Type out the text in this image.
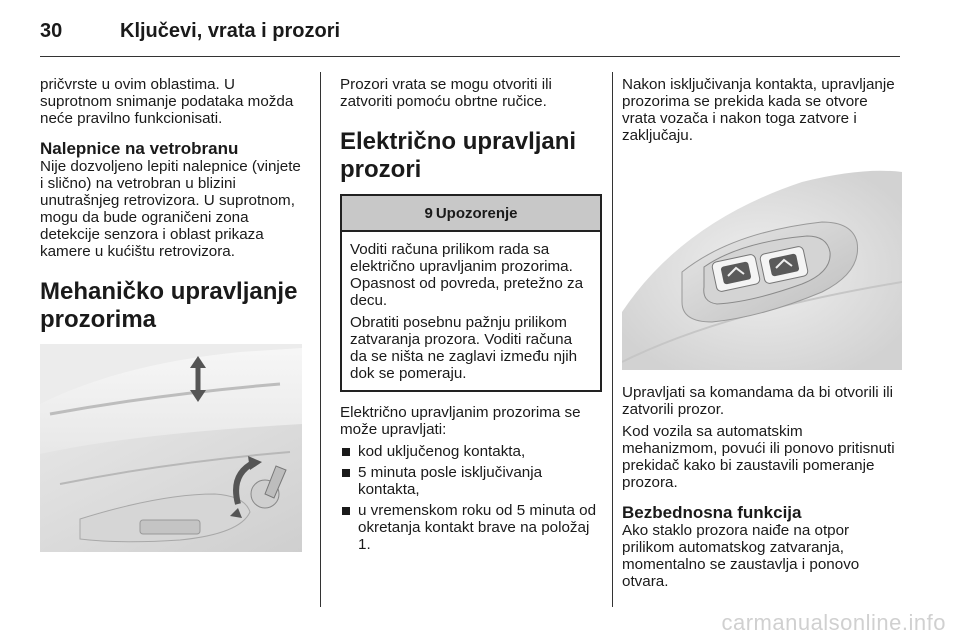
30	Ključevi, vrata i prozori

pričvrste u ovim oblastima. U suprotnom snimanje podataka možda neće pravilno funkcionisati.

Nalepnice na vetrobranu

Nije dozvoljeno lepiti nalepnice (vinjete i slično) na vetrobran u blizini unutrašnjeg retrovizora. U suprotnom, mogu da bude ograničeni zona detekcije senzora i oblast prikaza kamere u kućištu retrovizora.

Mehaničko upravljanje prozorima

Prozori vrata se mogu otvoriti ili zatvoriti pomoću obrtne ručice.

Električno upravljani prozori
9 Upozorenje

Voditi računa prilikom rada sa električno upravljanim prozorima. Opasnost od povreda, pretežno za decu.

Obratiti posebnu pažnju prilikom zatvaranja prozora. Voditi računa da se ništa ne zaglavi između njih dok se pomeraju.

Električno upravljanim prozorima se može upravljati:

kod uključenog kontakta,
5 minuta posle isključivanja kontakta,
u vremenskom roku od 5 minuta od okretanja kontakt brave na položaj 1.

Nakon isključivanja kontakta, upravljanje prozorima se prekida kada se otvore vrata vozača i nakon toga zatvore i zaključaju.

Upravljati sa komandama da bi otvorili ili zatvorili prozor.

Kod vozila sa automatskim mehanizmom, povući ili ponovo pritisnuti prekidač kako bi zaustavili pomeranje prozora.

Bezbednosna funkcija

Ako staklo prozora naiđe na otpor prilikom automatskog zatvaranja, momentalno se zaustavlja i ponovo otvara.

carmanualsonline.info
